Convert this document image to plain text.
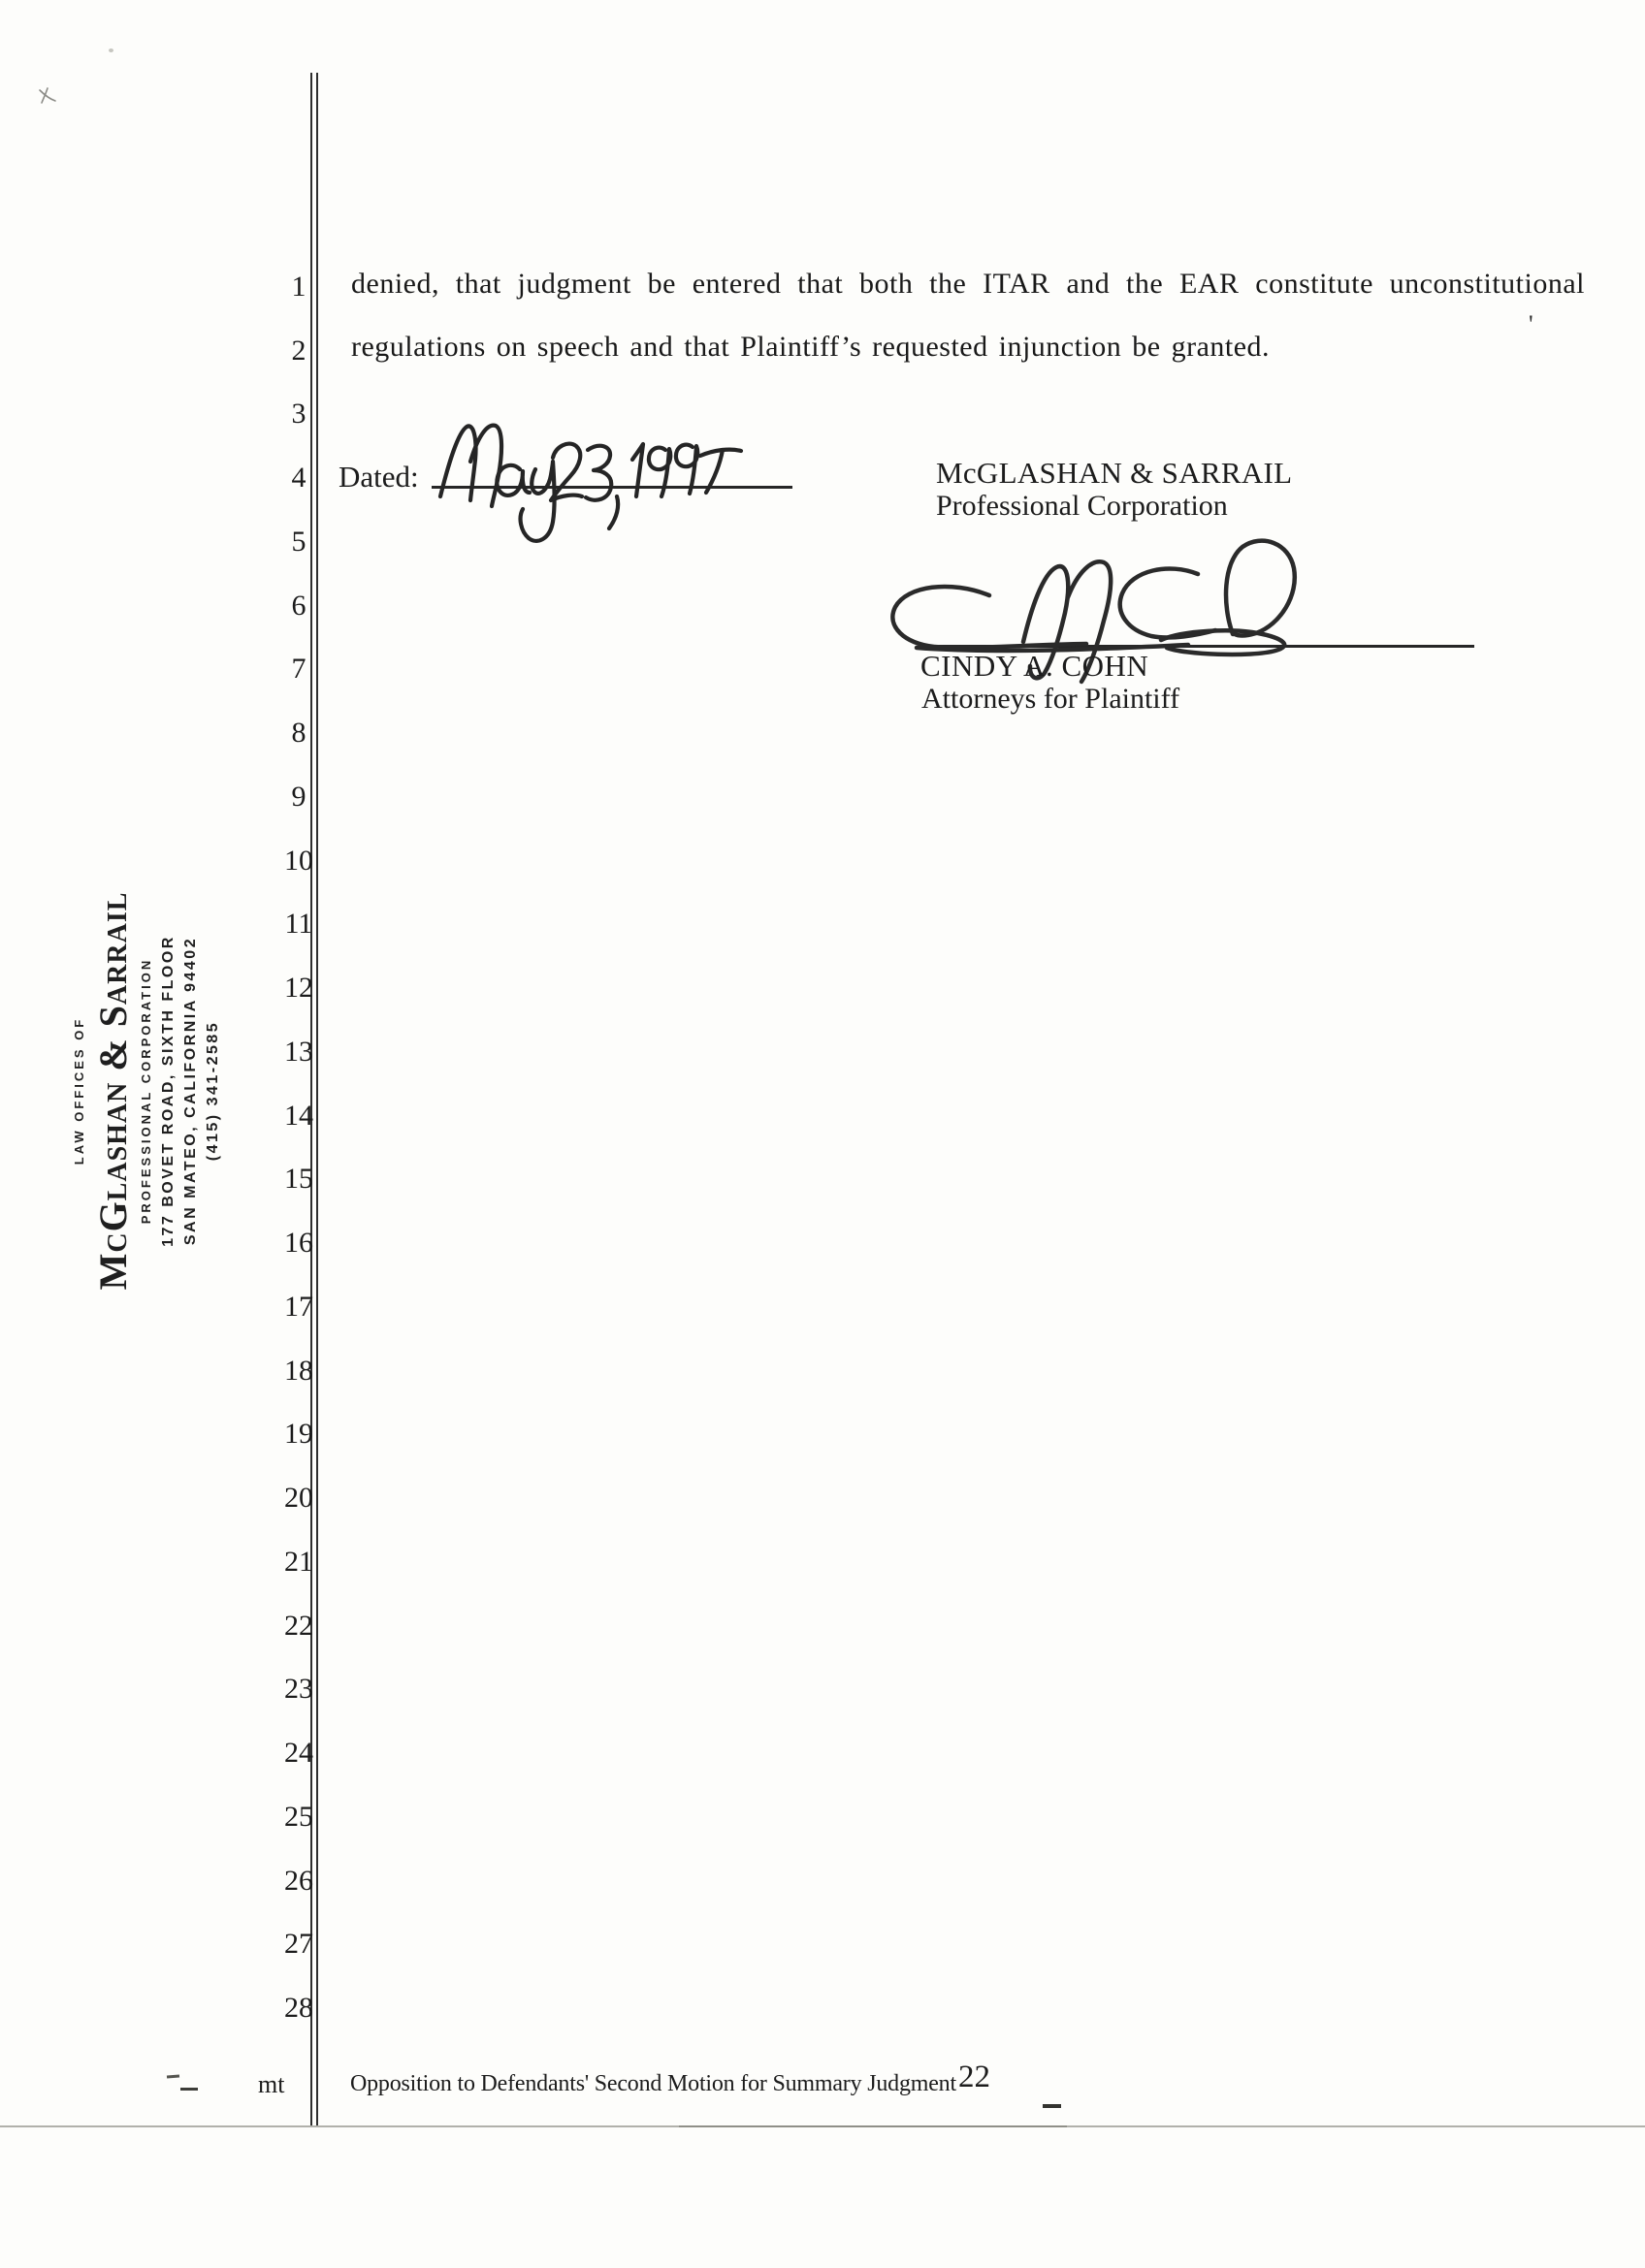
1
2
3
4
5
6
7
8
9
10
11
12
13
14
15
16
17
18
19
20
21
22
23
24
25
26
27
28
denied, that judgment be entered that both the ITAR and the EAR constitute unconstitutional
regulations on speech and that Plaintiff’s requested injunction be granted.
Dated:	McGLASHAN & SARRAIL
Professional Corporation
CINDY A. COHN
Attorneys for Plaintiff
LAW OFFICES OF McGlashan & Sarrail PROFESSIONAL CORPORATION 177 BOVET ROAD, SIXTH FLOOR SAN MATEO, CALIFORNIA 94402 (415) 341-2585
mt	Opposition to Defendants' Second Motion for Summary Judgment 22
'
